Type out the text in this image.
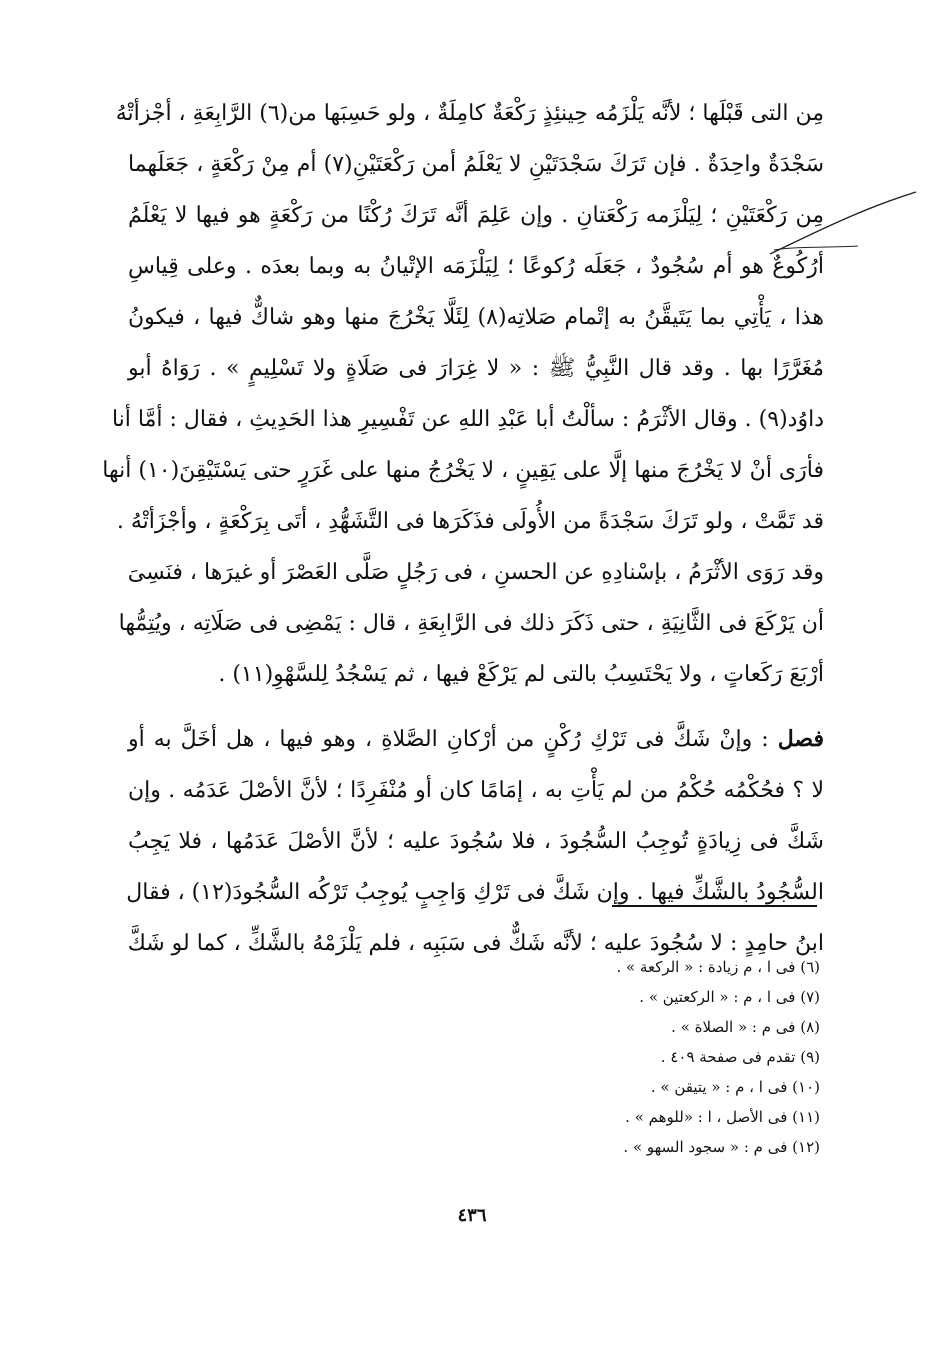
مِن التى قَبْلَها ؛ لأنَّه يَلْزَمُه حِينئِذٍ رَكْعَةٌ كامِلَةٌ ، ولو حَسِبَها من(٦) الرَّابِعَةِ ، أجْزأتْهُ
سَجْدَةٌ واحِدَةٌ . فإن تَرَكَ سَجْدَتَيْنِ لا يَعْلَمُ أمن رَكْعَتَيْنِ(٧) أم مِنْ رَكْعَةٍ ، جَعَلَهما
مِن رَكْعَتَيْنِ ؛ لِيَلْزَمه رَكْعَتانِ . وإن عَلِمَ أنَّه تَرَكَ رُكْنًا من رَكْعَةٍ هو فيها لا يَعْلَمُ
أرُكُوعٌ هو أم سُجُودٌ ، جَعَلَه رُكوعًا ؛ لِيَلْزَمَه الإتْيانُ به وبما بعدَه . وعلى قِياسِ
هذا ، يَأْتِي بما يَتَيقَّنُ به إتْمام صَلاتِه(٨) لِئَلَّا يَخْرُجَ منها وهو شاكٌّ فيها ، فيكونُ
مُغَرَّرًا بها . وقد قال النَّبِيُّ ﷺ : « لا غِرَارَ فى صَلَاةٍ ولا تَسْلِيمٍ » . رَوَاهُ أبو
داوُد(٩) . وقال الأثْرَمُ : سألْتُ أبا عَبْدِ اللهِ عن تَفْسِيرِ هذا الحَدِيثِ ، فقال : أمَّا أنا
فأرَى أنْ لا يَخْرُجَ منها إلَّا على يَقِينٍ ، لا يَخْرُجُ منها على غَرَرٍ حتى يَسْتَيْقِنَ(١٠) أنها
قد تَمَّتْ ، ولو تَرَكَ سَجْدَةً من الأُولَى فذَكَرَها فى التَّشَهُّدِ ، أتَى بِرَكْعَةٍ ، وأجْزَأتْهُ .
وقد رَوَى الأثْرَمُ ، بإسْنادِهِ عن الحسنِ ، فى رَجُلٍ صَلَّى العَصْرَ أو غيرَها ، فنَسِىَ
أن يَرْكَعَ فى الثَّانِيَةِ ، حتى ذَكَرَ ذلك فى الرَّابِعَةِ ، قال : يَمْضِى فى صَلَاتِه ، ويُتِمُّها
أرْبَعَ رَكَعاتٍ ، ولا يَحْتَسِبُ بالتى لم يَرْكَعْ فيها ، ثم يَسْجُدُ لِلسَّهْوِ(١١) .
فصل : وإنْ شَكَّ فى تَرْكِ رُكْنٍ من أرْكانِ الصَّلاةِ ، وهو فيها ، هل أخَلَّ به أو
لا ؟ فحُكْمُه حُكْمُ من لم يَأْتِ به ، إمَامًا كان أو مُنْفَرِدًا ؛ لأنَّ الأصْلَ عَدَمُه . وإن
شَكَّ فى زِيادَةٍ تُوجِبُ السُّجُودَ ، فلا سُجُودَ عليه ؛ لأنَّ الأصْلَ عَدَمُها ، فلا يَجِبُ
السُّجُودُ بالشَّكِّ فيها . وإن شَكَّ فى تَرْكِ وَاجِبٍ يُوجِبُ تَرْكُه السُّجُودَ(١٢) ، فقال
ابنُ حامِدٍ : لا سُجُودَ عليه ؛ لأنَّه شَكٌّ فى سَبَبِه ، فلم يَلْزَمْهُ بالشَّكِّ ، كما لو شَكَّ
(٦) فى ا ، م زيادة : « الركعة » .
(٧) فى ا ، م : « الركعتين » .
(٨) فى م : « الصلاة » .
(٩) تقدم فى صفحة ٤٠٩ .
(١٠) فى ا ، م : « يتيقن » .
(١١) فى الأصل ، ا : «للوهم » .
(١٢) فى م : « سجود السهو » .
٤٣٦
